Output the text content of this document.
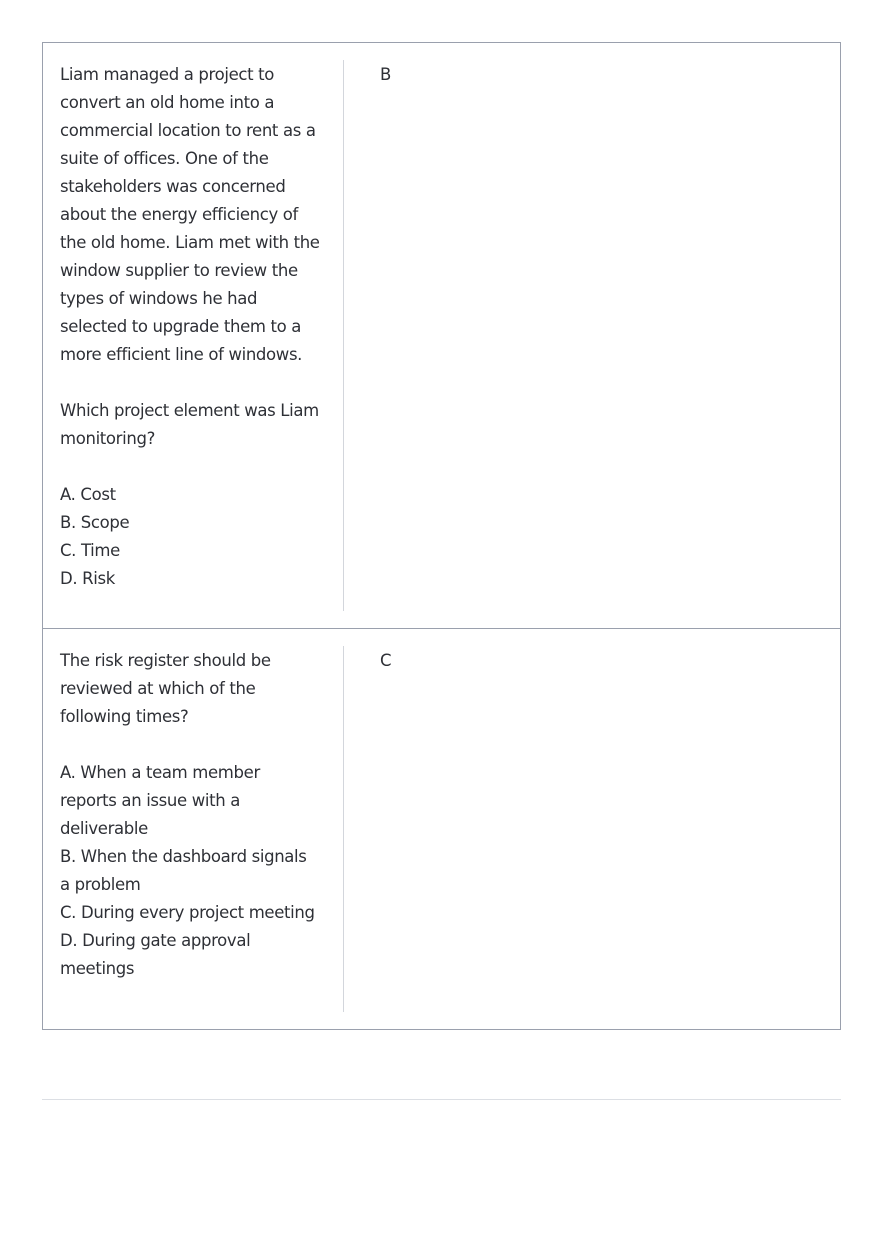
Liam managed a project to convert an old home into a commercial location to rent as a suite of offices. One of the stakeholders was concerned about the energy efficiency of the old home. Liam met with the window supplier to review the types of windows he had selected to upgrade them to a more efficient line of windows.

Which project element was Liam monitoring?

A. Cost
B. Scope
C. Time
D. Risk
B

The risk register should be reviewed at which of the following times?

A. When a team member reports an issue with a deliverable
B. When the dashboard signals a problem
C. During every project meeting
D. During gate approval meetings
C
